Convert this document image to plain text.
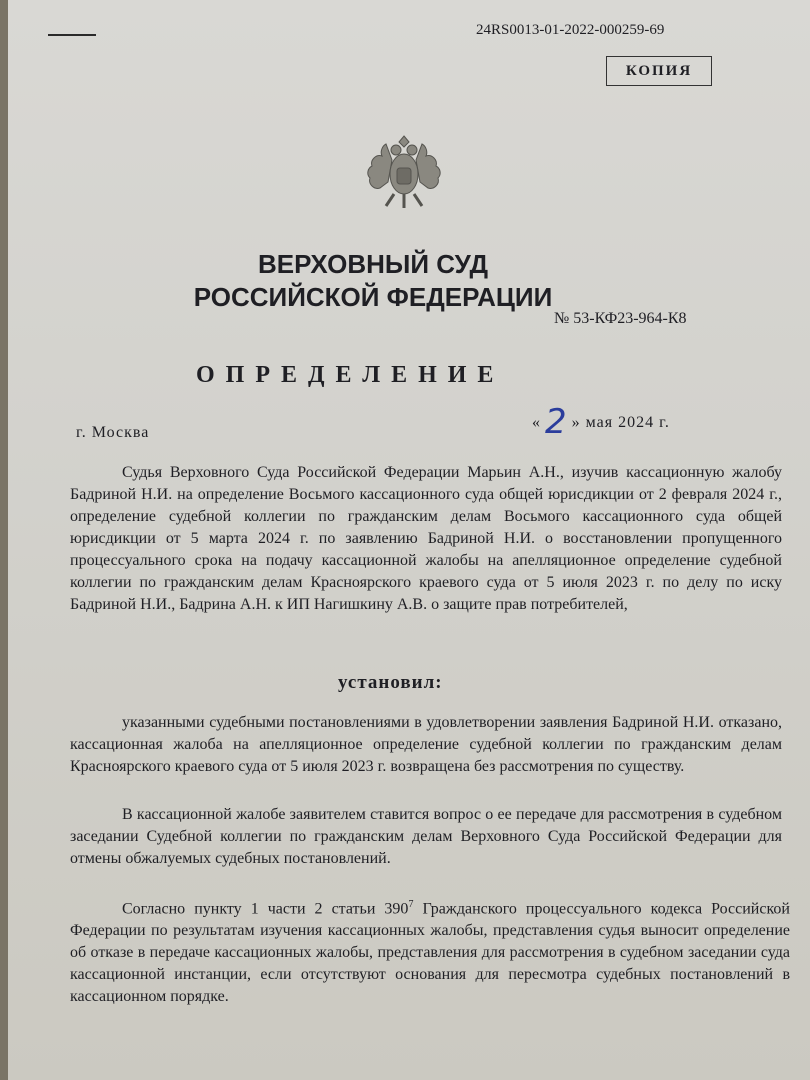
24RS0013-01-2022-000259-69
КОПИЯ
ВЕРХОВНЫЙ СУД
РОССИЙСКОЙ ФЕДЕРАЦИИ
№ 53-КФ23-964-К8
ОПРЕДЕЛЕНИЕ
г. Москва
« 2 » мая 2024 г.
Судья Верховного Суда Российской Федерации Марьин А.Н., изучив кассационную жалобу Бадриной Н.И. на определение Восьмого кассационного суда общей юрисдикции от 2 февраля 2024 г., определение судебной коллегии по гражданским делам Восьмого кассационного суда общей юрисдикции от 5 марта 2024 г. по заявлению Бадриной Н.И. о восстановлении пропущенного процессуального срока на подачу кассационной жалобы на апелляционное определение судебной коллегии по гражданским делам Красноярского краевого суда от 5 июля 2023 г. по делу по иску Бадриной Н.И., Бадрина А.Н. к ИП Нагишкину А.В. о защите прав потребителей,
установил:
указанными судебными постановлениями в удовлетворении заявления Бадриной Н.И. отказано, кассационная жалоба на апелляционное определение судебной коллегии по гражданским делам Красноярского краевого суда от 5 июля 2023 г. возвращена без рассмотрения по существу.
В кассационной жалобе заявителем ставится вопрос о ее передаче для рассмотрения в судебном заседании Судебной коллегии по гражданским делам Верховного Суда Российской Федерации для отмены обжалуемых судебных постановлений.
Согласно пункту 1 части 2 статьи $390^7$ Гражданского процессуального кодекса Российской Федерации по результатам изучения кассационных жалобы, представления судья выносит определение об отказе в передаче кассационных жалобы, представления для рассмотрения в судебном заседании суда кассационной инстанции, если отсутствуют основания для пересмотра судебных постановлений в кассационном порядке.
